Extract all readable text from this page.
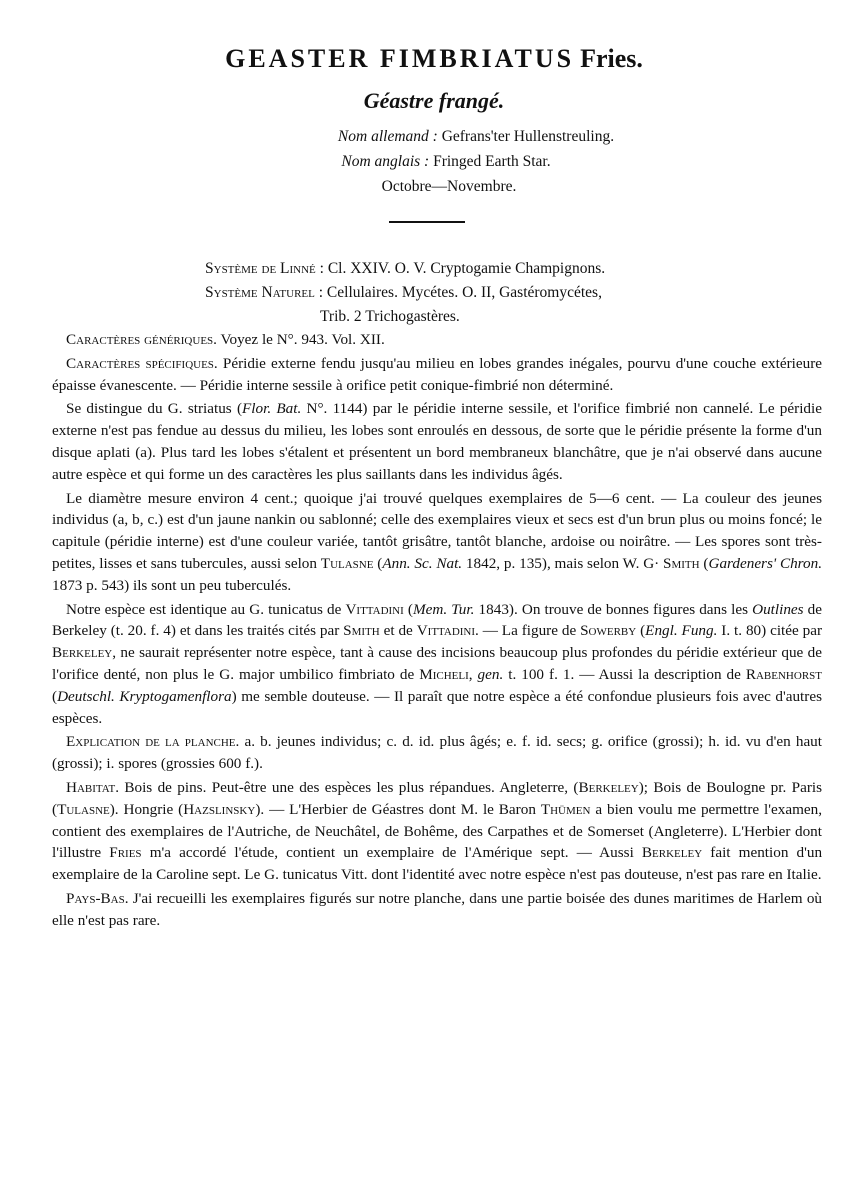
GEASTER FIMBRIATUS Fries.
Géastre frangé.
Nom allemand : Gefrans'ter Hullenstreuling.
Nom anglais : Fringed Earth Star.
Octobre—Novembre.
Système de Linné : Cl. XXIV. O. V. Cryptogamie Champignons.
Système Naturel : Cellulaires. Mycétes. O. II, Gastéromycétes,
Trib. 2 Trichogastères.

Caractères génériques. Voyez le N°. 943. Vol. XII.

Caractères spécifiques. Péridie externe fendu jusqu'au milieu en lobes grandes inégales, pourvu d'une couche extérieure épaisse évanescente. — Péridie interne sessile à orifice petit conique-fimbrié non déterminé.

Se distingue du G. striatus (Flor. Bat. N°. 1144) par le péridie interne sessile, et l'orifice fimbrié non cannelé. Le péridie externe n'est pas fendue au dessus du milieu, les lobes sont enroulés en dessous, de sorte que le péridie présente la forme d'un disque aplati (a). Plus tard les lobes s'étalent et présentent un bord membraneux blanchâtre, que je n'ai observé dans aucune autre espèce et qui forme un des caractères les plus saillants dans les individus âgés.

Le diamètre mesure environ 4 cent.; quoique j'ai trouvé quelques exemplaires de 5—6 cent. — La couleur des jeunes individus (a, b, c.) est d'un jaune nankin ou sablonné; celle des exemplaires vieux et secs est d'un brun plus ou moins foncé; le capitule (péridie interne) est d'une couleur variée, tantôt grisâtre, tantôt blanche, ardoise ou noirâtre. — Les spores sont très-petites, lisses et sans tubercules, aussi selon Tulasne (Ann. Sc. Nat. 1842, p. 135), mais selon W. G· Smith (Gardeners' Chron. 1873 p. 543) ils sont un peu tuberculés.

Notre espèce est identique au G. tunicatus de Vittadini (Mem. Tur. 1843). On trouve de bonnes figures dans les Outlines de Berkeley (t. 20. f. 4) et dans les traités cités par Smith et de Vittadini. — La figure de Sowerby (Engl. Fung. I. t. 80) citée par Berkeley, ne saurait représenter notre espèce, tant à cause des incisions beaucoup plus profondes du péridie extérieur que de l'orifice denté, non plus le G. major umbilico fimbriato de Micheli, gen. t. 100 f. 1. — Aussi la description de Rabenhorst (Deutschl. Kryptogamenflora) me semble douteuse. — Il paraît que notre espèce a été confondue plusieurs fois avec d'autres espèces.

Explication de la planche. a. b. jeunes individus; c. d. id. plus âgés; e. f. id. secs; g. orifice (grossi); h. id. vu d'en haut (grossi); i. spores (grossies 600 f.).

Habitat. Bois de pins. Peut-être une des espèces les plus répandues. Angleterre, (Berkeley); Bois de Boulogne pr. Paris (Tulasne). Hongrie (Hazslinsky). — L'Herbier de Géastres dont M. le Baron Thümen a bien voulu me permettre l'examen, contient des exemplaires de l'Autriche, de Neuchâtel, de Bohême, des Carpathes et de Somerset (Angleterre). L'Herbier dont l'illustre Fries m'a accordé l'étude, contient un exemplaire de l'Amérique sept. — Aussi Berkeley fait mention d'un exemplaire de la Caroline sept. Le G. tunicatus Vitt. dont l'identité avec notre espèce n'est pas douteuse, n'est pas rare en Italie.

Pays-Bas. J'ai recueilli les exemplaires figurés sur notre planche, dans une partie boisée des dunes maritimes de Harlem où elle n'est pas rare.
